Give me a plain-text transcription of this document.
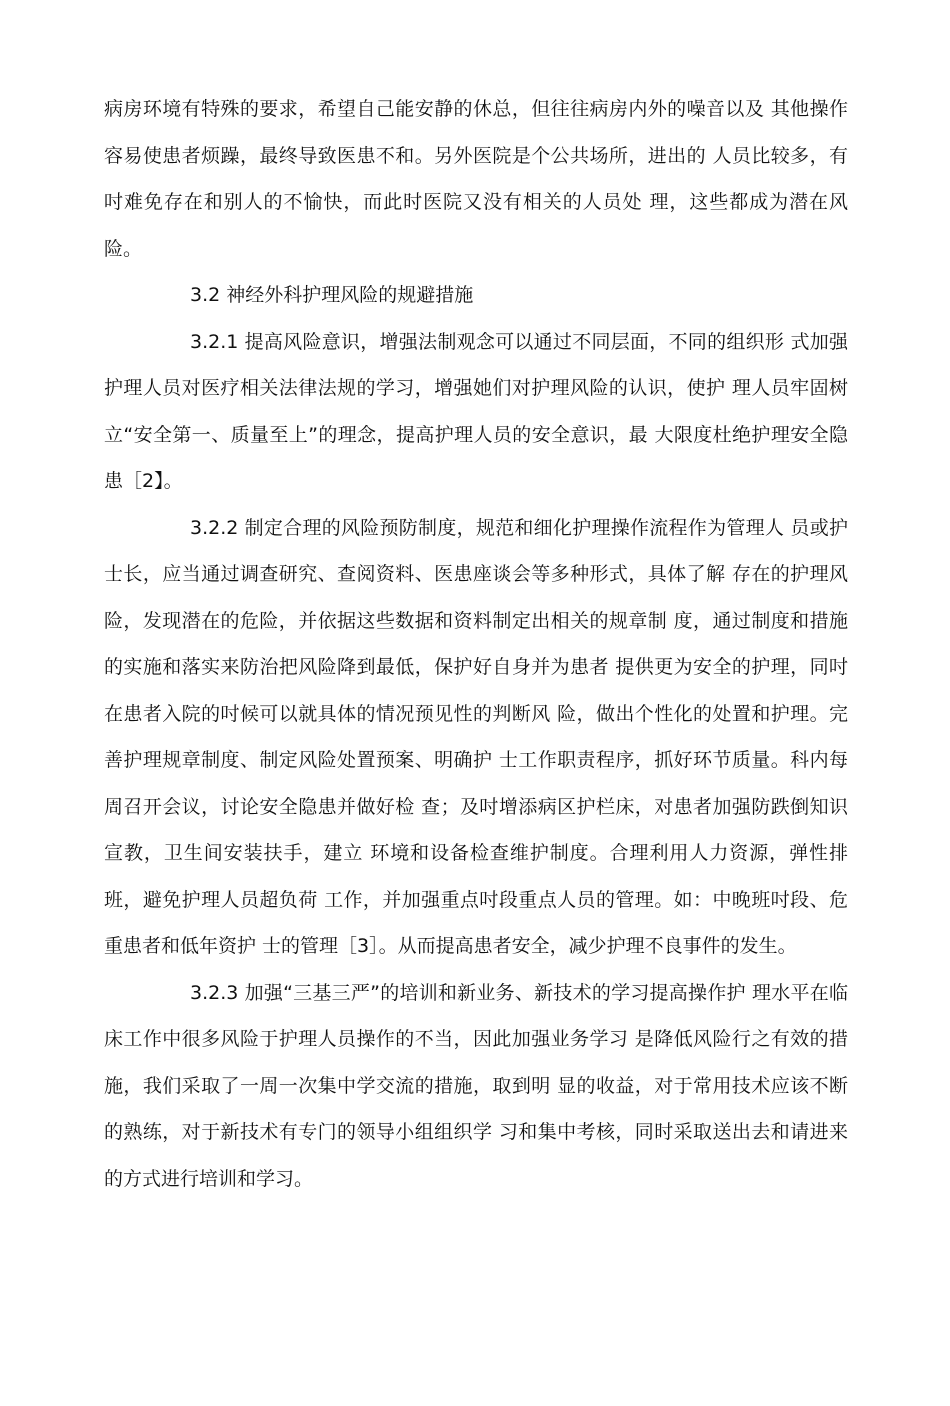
病房环境有特殊的要求，希望自己能安静的休总，但往往病房内外的噪音以及 其他操作容易使患者烦躁，最终导致医患不和。另外医院是个公共场所，进出的 人员比较多，有吋难免存在和别人的不愉快，而此时医院又没有相关的人员处 理，这些都成为潜在风险。

3.2 神经外科护理风险的规避措施

3.2.1 提高风险意识，增强法制观念可以通过不同层面，不同的组织形 式加强护理人员对医疗相关法律法规的学习，增强她们对护理风险的认识，使护 理人员牢固树立“安全第一、质量至上”的理念，提高护理人员的安全意识，最 大限度杜绝护理安全隐患［2】。

3.2.2 制定合理的风险预防制度，规范和细化护理操作流程作为管理人 员或护士长，应当通过调查研究、查阅资料、医患座谈会等多种形式，具体了解 存在的护理风险，发现潜在的危险，并依据这些数据和资料制定出相关的规章制 度，通过制度和措施的实施和落实来防治把风险降到最低，保护好自身并为患者 提供更为安全的护理，同吋在患者入院的吋候可以就具体的情况预见性的判断风 险，做出个性化的处置和护理。完善护理规章制度、制定风险处置预案、明确护 士工作职责程序，抓好环节质量。科内每周召开会议，讨论安全隐患并做好检 查；及吋增添病区护栏床，对患者加强防跌倒知识宣教，卫生间安装扶手，建立 环境和设备检查维护制度。合理利用人力资源，弹性排班，避免护理人员超负荷 工作，并加强重点吋段重点人员的管理。如：中晚班吋段、危重患者和低年资护 士的管理［3］。从而提高患者安全，减少护理不良事件的发生。

3.2.3 加强“三基三严”的培训和新业务、新技术的学习提高操作护 理水平在临床工作中很多风险于护理人员操作的不当，因此加强业务学习 是降低风险行之有效的措施，我们采取了一周一次集中学交流的措施，取到明 显的收益，对于常用技术应该不断的熟练，对于新技术有专门的领导小组组织学 习和集中考核，同时采取送出去和请进来的方式进行培训和学习。
